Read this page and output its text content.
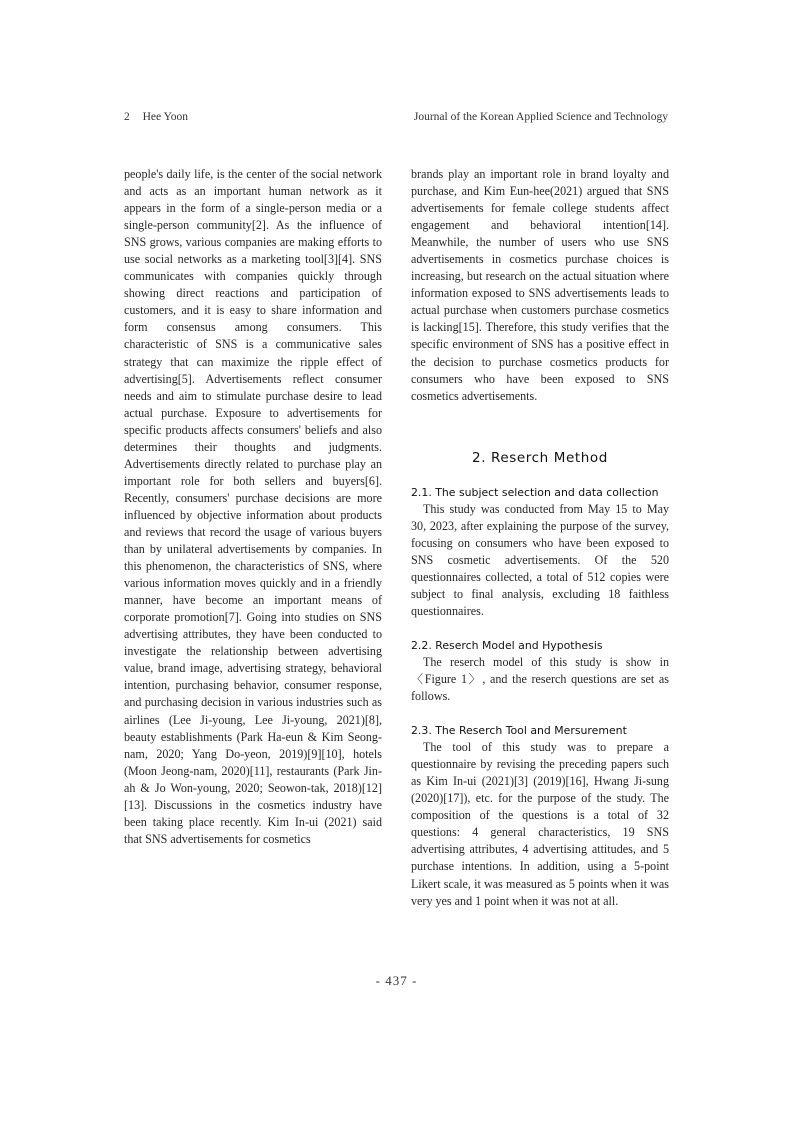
2 Hee Yoon	Journal of the Korean Applied Science and Technology

people's daily life, is the center of the social network and acts as an important human network as it appears in the form of a single-person media or a single-person community[2]. As the influence of SNS grows, various companies are making efforts to use social networks as a marketing tool[3][4]. SNS communicates with companies quickly through showing direct reactions and participation of customers, and it is easy to share information and form consensus among consumers. This characteristic of SNS is a communicative sales strategy that can maximize the ripple effect of advertising[5]. Advertisements reflect consumer needs and aim to stimulate purchase desire to lead actual purchase. Exposure to advertisements for specific products affects consumers' beliefs and also determines their thoughts and judgments. Advertisements directly related to purchase play an important role for both sellers and buyers[6]. Recently, consumers' purchase decisions are more influenced by objective information about products and reviews that record the usage of various buyers than by unilateral advertisements by companies. In this phenomenon, the characteristics of SNS, where various information moves quickly and in a friendly manner, have become an important means of corporate promotion[7]. Going into studies on SNS advertising attributes, they have been conducted to investigate the relationship between advertising value, brand image, advertising strategy, behavioral intention, purchasing behavior, consumer response, and purchasing decision in various industries such as airlines (Lee Ji-young, Lee Ji-young, 2021)[8], beauty establishments (Park Ha-eun & Kim Seong-nam, 2020; Yang Do-yeon, 2019)[9][10], hotels (Moon Jeong-nam, 2020)[11], restaurants (Park Jin-ah & Jo Won-young, 2020; Seowon-tak, 2018)[12][13]. Discussions in the cosmetics industry have been taking place recently. Kim In-ui (2021) said that SNS advertisements for cosmetics

brands play an important role in brand loyalty and purchase, and Kim Eun-hee(2021) argued that SNS advertisements for female college students affect engagement and behavioral intention[14]. Meanwhile, the number of users who use SNS advertisements in cosmetics purchase choices is increasing, but research on the actual situation where information exposed to SNS advertisements leads to actual purchase when customers purchase cosmetics is lacking[15]. Therefore, this study verifies that the specific environment of SNS has a positive effect in the decision to purchase cosmetics products for consumers who have been exposed to SNS cosmetics advertisements.

2. Reserch Method
2.1. The subject selection and data collection

This study was conducted from May 15 to May 30, 2023, after explaining the purpose of the survey, focusing on consumers who have been exposed to SNS cosmetic advertisements. Of the 520 questionnaires collected, a total of 512 copies were subject to final analysis, excluding 18 faithless questionnaires.

2.2. Reserch Model and Hypothesis

The reserch model of this study is show in 〈Figure 1〉, and the reserch questions are set as follows.

2.3. The Reserch Tool and Mersurement

The tool of this study was to prepare a questionnaire by revising the preceding papers such as Kim In-ui (2021)[3] (2019)[16], Hwang Ji-sung (2020)[17]), etc. for the purpose of the study. The composition of the questions is a total of 32 questions: 4 general characteristics, 19 SNS advertising attributes, 4 advertising attitudes, and 5 purchase intentions. In addition, using a 5-point Likert scale, it was measured as 5 points when it was very yes and 1 point when it was not at all.

- 437 -
